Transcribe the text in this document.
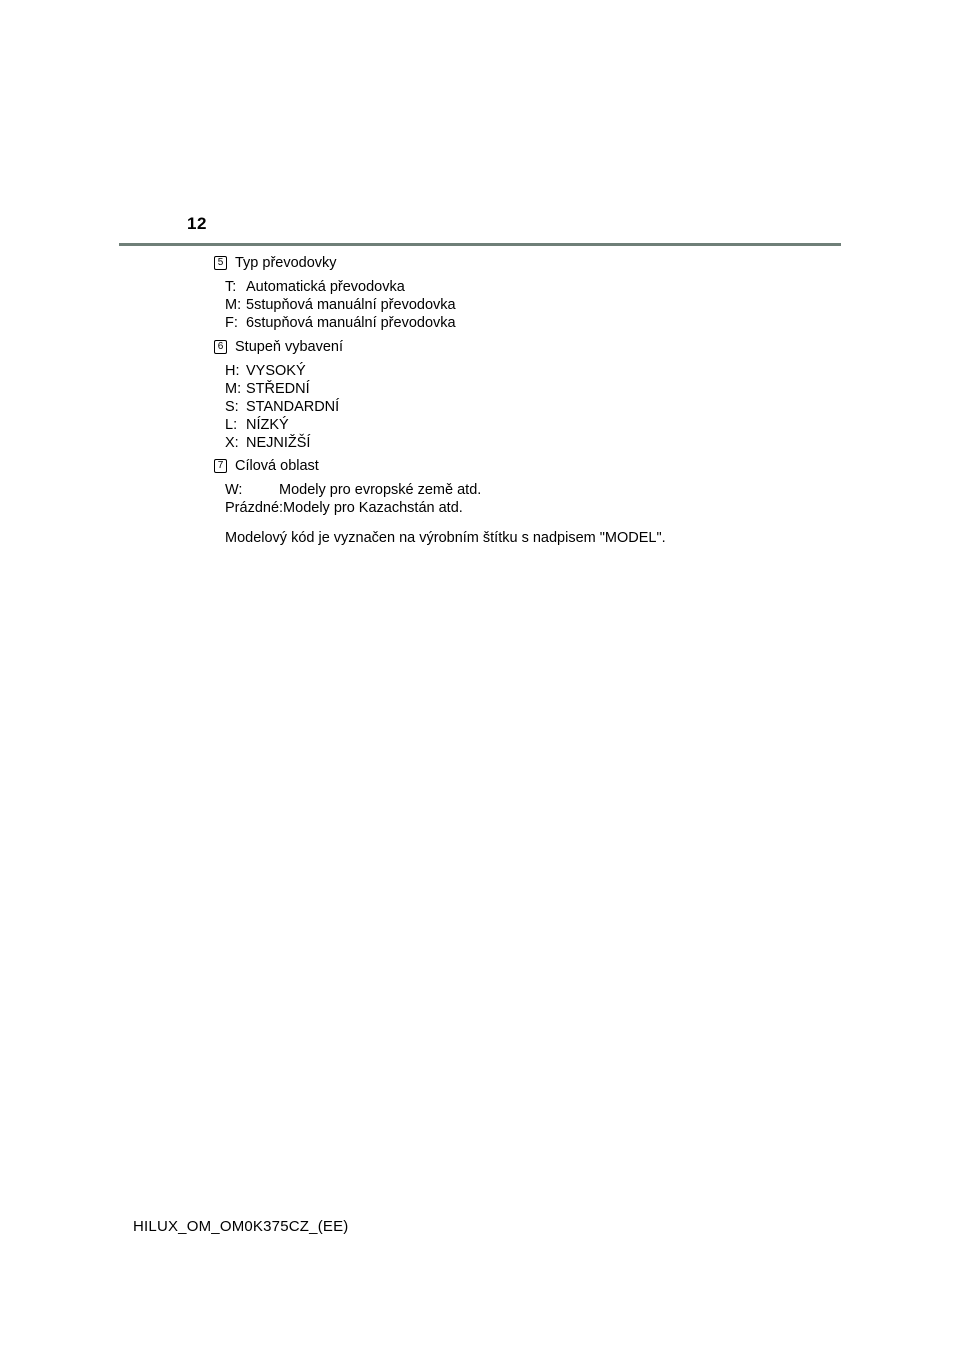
12
5 Typ převodovky
T: Automatická převodovka
M: 5stupňová manuální převodovka
F: 6stupňová manuální převodovka
6 Stupeň vybavení
H: VYSOKÝ
M: STŘEDNÍ
S: STANDARDNÍ
L: NÍZKÝ
X: NEJNIŽŠÍ
7 Cílová oblast
W:	Modely pro evropské země atd.
Prázdné: Modely pro Kazachstán atd.
Modelový kód je vyznačen na výrobním štítku s nadpisem "MODEL".
HILUX_OM_OM0K375CZ_(EE)
